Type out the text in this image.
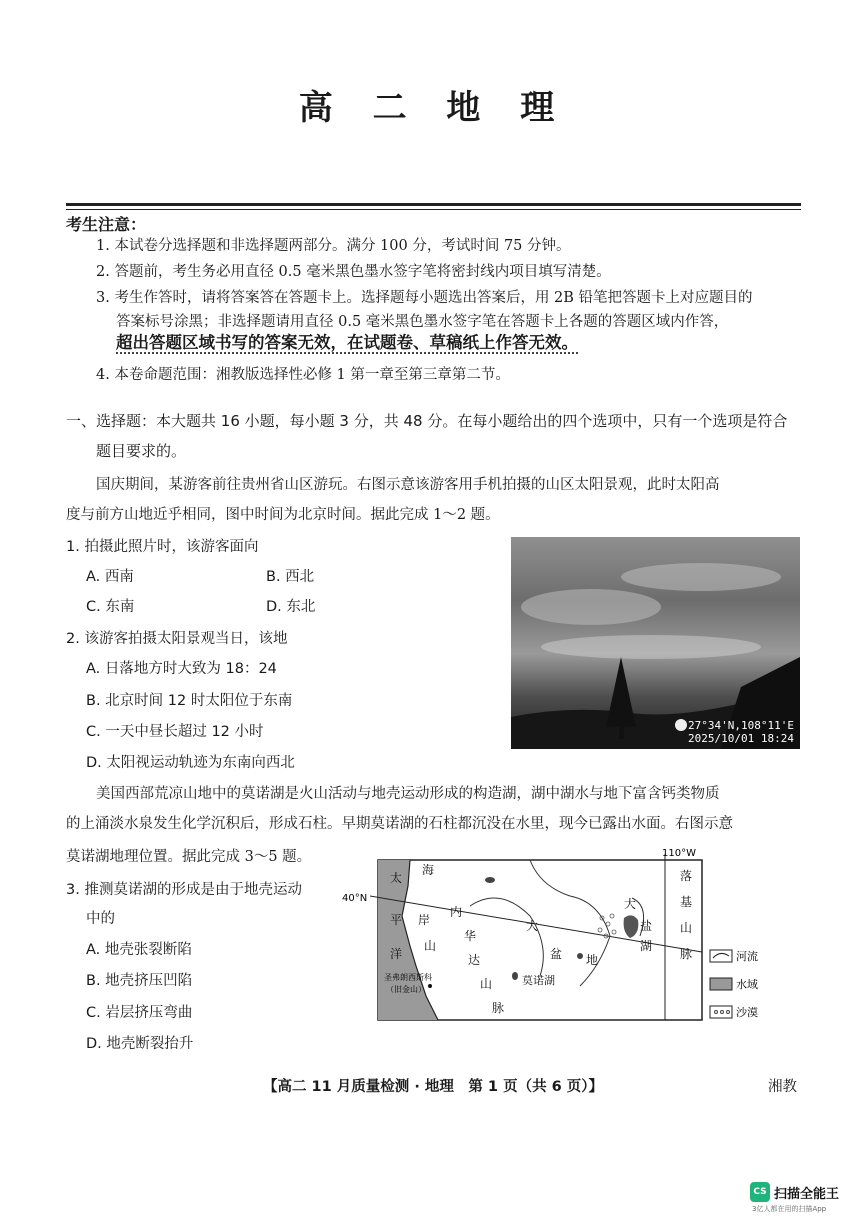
高 二 地 理
考生注意：
1. 本试卷分选择题和非选择题两部分。满分 100 分，考试时间 75 分钟。
2. 答题前，考生务必用直径 0.5 毫米黑色墨水签字笔将密封线内项目填写清楚。
3. 考生作答时，请将答案答在答题卡上。选择题每小题选出答案后，用 2B 铅笔把答题卡上对应题目的
答案标号涂黑；非选择题请用直径 0.5 毫米黑色墨水签字笔在答题卡上各题的答题区域内作答，
超出答题区域书写的答案无效，在试题卷、草稿纸上作答无效。
4. 本卷命题范围：湘教版选择性必修 1 第一章至第三章第二节。
一、选择题：本大题共 16 小题，每小题 3 分，共 48 分。在每小题给出的四个选项中，只有一个选项是符合
题目要求的。
国庆期间，某游客前往贵州省山区游玩。右图示意该游客用手机拍摄的山区太阳景观，此时太阳高
度与前方山地近乎相同，图中时间为北京时间。据此完成 1～2 题。
1. 拍摄此照片时，该游客面向
A. 西南	B. 西北
C. 东南	D. 东北
2. 该游客拍摄太阳景观当日，该地
A. 日落地方时大致为 18：24
B. 北京时间 12 时太阳位于东南
C. 一天中昼长超过 12 小时
D. 太阳视运动轨迹为东南向西北
27°34'N,108°11'E
2025/10/01 18:24
美国西部荒凉山地中的莫诺湖是火山活动与地壳运动形成的构造湖，湖中湖水与地下富含钙类物质
的上涌淡水泉发生化学沉积后，形成石柱。早期莫诺湖的石柱都沉没在水里，现今已露出水面。右图示意
莫诺湖地理位置。据此完成 3～5 题。
3. 推测莫诺湖的形成是由于地壳运动
中的
A. 地壳张裂断陷
B. 地壳挤压凹陷
C. 岩层挤压弯曲
D. 地壳断裂抬升
110°W
40°N
太
平
洋
海
岸
山
内
华
达
山
脉
大
盆 地
大
盐
湖
落
基
山
脉
莫诺湖
圣弗朗西斯科
（旧金山）
河流
水域
沙漠
【高二 11 月质量检测 · 地理　第 1 页（共 6 页）】	湘教
CS 扫描全能王
3亿人都在用的扫描App
